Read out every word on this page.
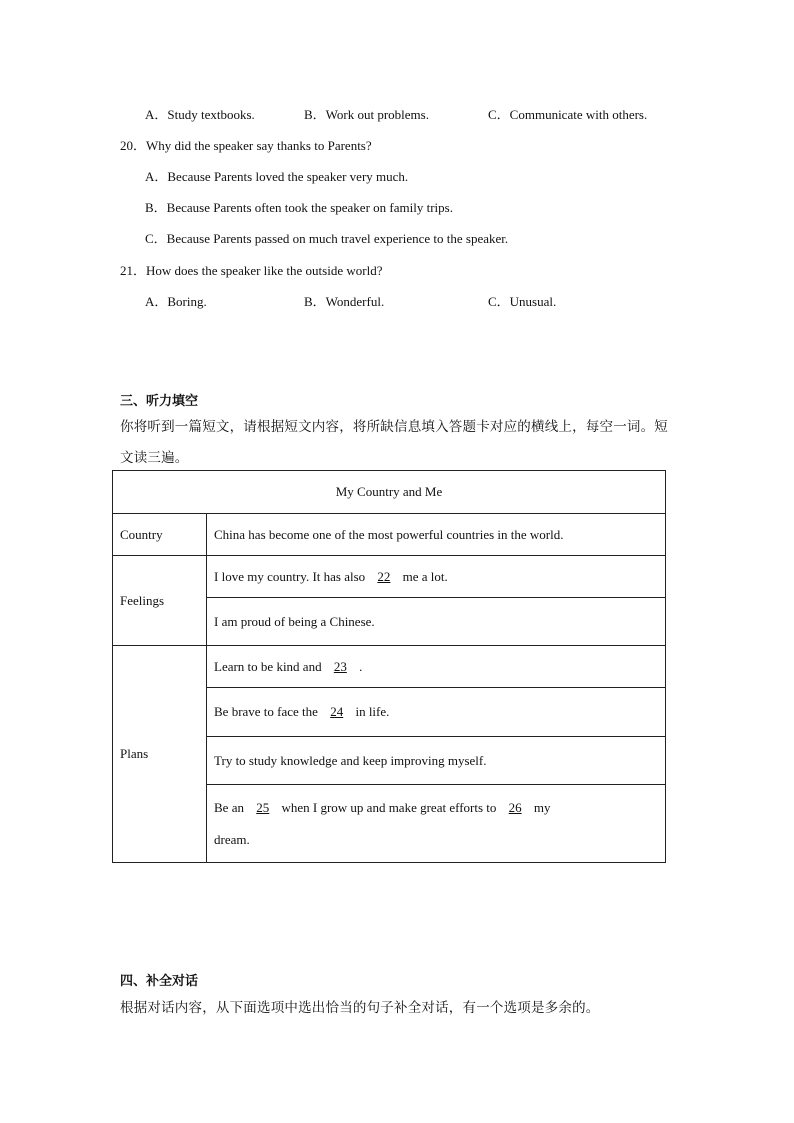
A．Study textbooks.	B．Work out problems.	C．Communicate with others.
20．Why did the speaker say thanks to Parents?
A．Because Parents loved the speaker very much.
B．Because Parents often took the speaker on family trips.
C．Because Parents passed on much travel experience to the speaker.
21．How does the speaker like the outside world?
A．Boring.	B．Wonderful.	C．Unusual.
三、听力填空
你将听到一篇短文，请根据短文内容，将所缺信息填入答题卡对应的横线上，每空一词。短
文读三遍。
My Country and Me	
Country	China has become one of the most powerful countries in the world.
Feelings	I love my country. It has also 22 me a lot.
	I am proud of being a Chinese.
Plans	Learn to be kind and 23 .
	Be brave to face the 24 in life.
	Try to study knowledge and keep improving myself.

	Be an 25 when I grow up and make great efforts to 26 my
dream.
四、补全对话
根据对话内容，从下面选项中选出恰当的句子补全对话，有一个选项是多余的。
